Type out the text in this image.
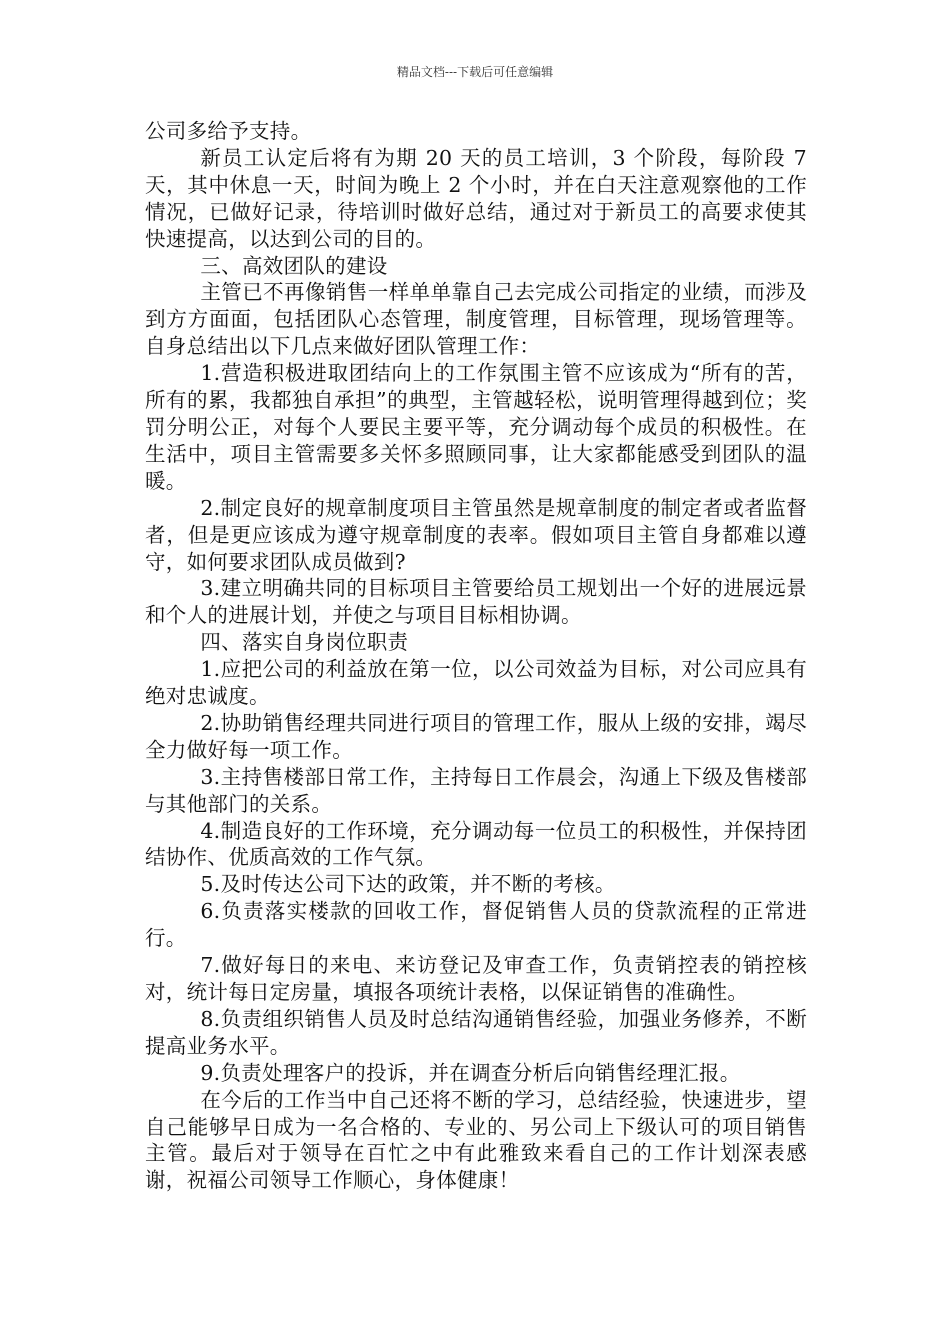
精品文档---下载后可任意编辑

公司多给予支持。

新员工认定后将有为期 20 天的员工培训，3 个阶段，每阶段 7 天，其中休息一天，时间为晚上 2 个小时，并在白天注意观察他的工作情况，已做好记录，待培训时做好总结，通过对于新员工的高要求使其快速提高，以达到公司的目的。

三、高效团队的建设

主管已不再像销售一样单单靠自己去完成公司指定的业绩，而涉及到方方面面，包括团队心态管理，制度管理，目标管理，现场管理等。自身总结出以下几点来做好团队管理工作：

1.营造积极进取团结向上的工作氛围主管不应该成为“所有的苦，所有的累，我都独自承担”的典型，主管越轻松，说明管理得越到位；奖罚分明公正，对每个人要民主要平等，充分调动每个成员的积极性。在生活中，项目主管需要多关怀多照顾同事，让大家都能感受到团队的温暖。

2.制定良好的规章制度项目主管虽然是规章制度的制定者或者监督者，但是更应该成为遵守规章制度的表率。假如项目主管自身都难以遵守，如何要求团队成员做到?

3.建立明确共同的目标项目主管要给员工规划出一个好的进展远景和个人的进展计划，并使之与项目目标相协调。

四、落实自身岗位职责

1.应把公司的利益放在第一位，以公司效益为目标，对公司应具有绝对忠诚度。

2.协助销售经理共同进行项目的管理工作，服从上级的安排，竭尽全力做好每一项工作。

3.主持售楼部日常工作，主持每日工作晨会，沟通上下级及售楼部与其他部门的关系。

4.制造良好的工作环境，充分调动每一位员工的积极性，并保持团结协作、优质高效的工作气氛。

5.及时传达公司下达的政策，并不断的考核。

6.负责落实楼款的回收工作，督促销售人员的贷款流程的正常进行。

7.做好每日的来电、来访登记及审查工作，负责销控表的销控核对，统计每日定房量，填报各项统计表格，以保证销售的准确性。

8.负责组织销售人员及时总结沟通销售经验，加强业务修养，不断提高业务水平。

9.负责处理客户的投诉，并在调查分析后向销售经理汇报。

在今后的工作当中自己还将不断的学习，总结经验，快速进步，望自己能够早日成为一名合格的、专业的、另公司上下级认可的项目销售主管。最后对于领导在百忙之中有此雅致来看自己的工作计划深表感谢，祝福公司领导工作顺心，身体健康！
